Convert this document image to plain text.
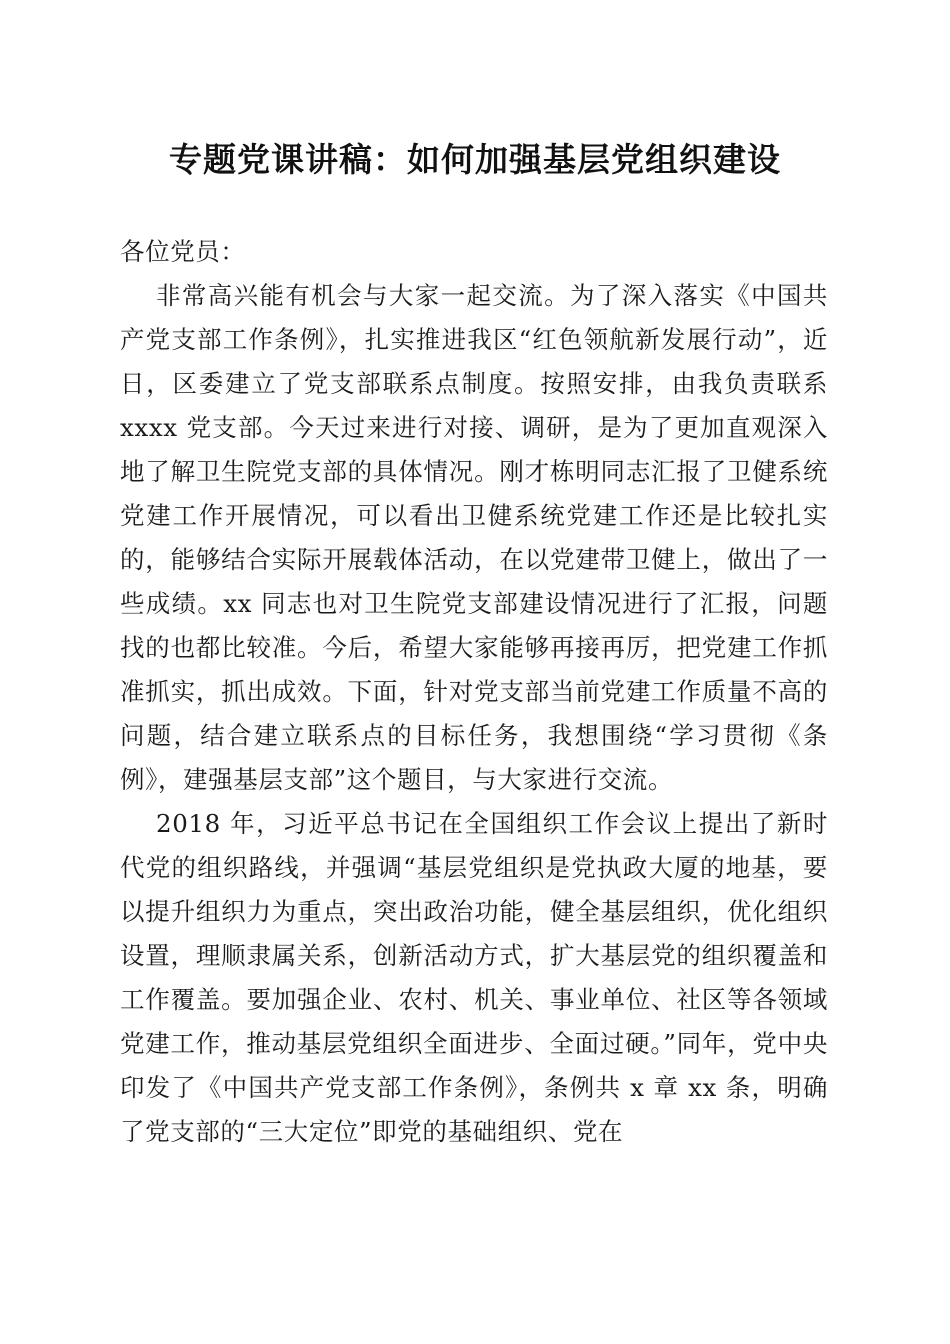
专题党课讲稿：如何加强基层党组织建设

各位党员：

非常高兴能有机会与大家一起交流。为了深入落实《中国共产党支部工作条例》，扎实推进我区“红色领航新发展行动”，近日，区委建立了党支部联系点制度。按照安排，由我负责联系 xxxx 党支部。今天过来进行对接、调研，是为了更加直观深入地了解卫生院党支部的具体情况。刚才栋明同志汇报了卫健系统党建工作开展情况，可以看出卫健系统党建工作还是比较扎实的，能够结合实际开展载体活动，在以党建带卫健上，做出了一些成绩。xx 同志也对卫生院党支部建设情况进行了汇报，问题找的也都比较准。今后，希望大家能够再接再厉，把党建工作抓准抓实，抓出成效。下面，针对党支部当前党建工作质量不高的问题，结合建立联系点的目标任务，我想围绕“学习贯彻《条例》，建强基层支部”这个题目，与大家进行交流。

2018 年，习近平总书记在全国组织工作会议上提出了新时代党的组织路线，并强调“基层党组织是党执政大厦的地基，要以提升组织力为重点，突出政治功能，健全基层组织，优化组织设置，理顺隶属关系，创新活动方式，扩大基层党的组织覆盖和工作覆盖。要加强企业、农村、机关、事业单位、社区等各领域党建工作，推动基层党组织全面进步、全面过硬。”同年，党中央印发了《中国共产党支部工作条例》，条例共 x 章 xx 条，明确了党支部的“三大定位”即党的基础组织、党在
